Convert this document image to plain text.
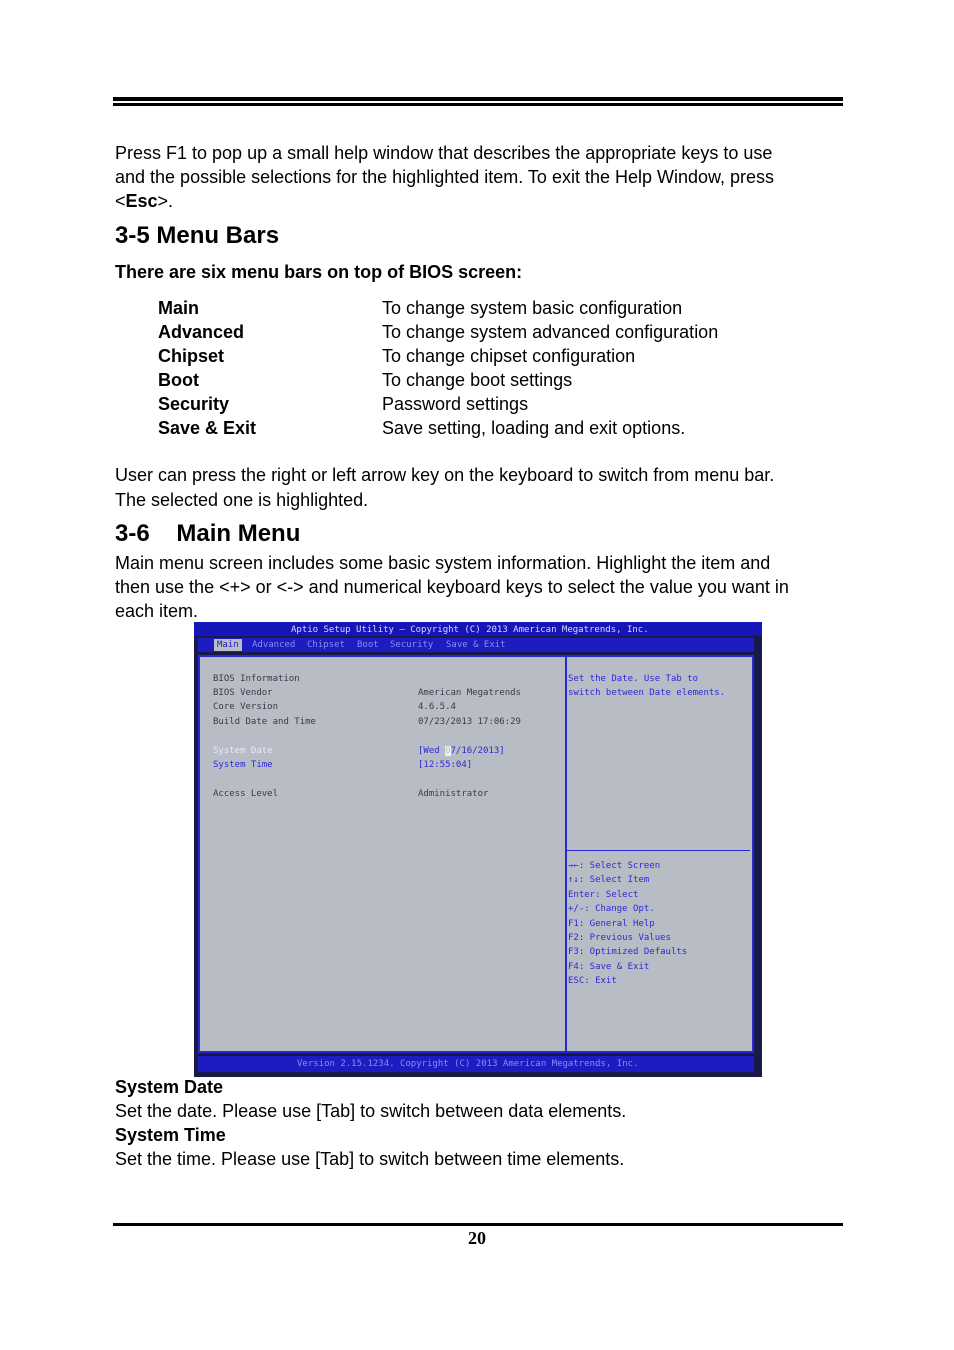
Press F1 to pop up a small help window that describes the appropriate keys to use
and the possible selections for the highlighted item. To exit the Help Window, press
<Esc>.
3-5 Menu Bars
There are six menu bars on top of BIOS screen:
Main	To change system basic configuration
Advanced	To change system advanced configuration
Chipset	To change chipset configuration
Boot	To change boot settings
Security	Password settings
Save & Exit	Save setting, loading and exit options.
User can press the right or left arrow key on the keyboard to switch from menu bar.
The selected one is highlighted.
3-6    Main Menu
Main menu screen includes some basic system information. Highlight the item and
then use the <+> or <-> and numerical keyboard keys to select the value you want in
each item.
Aptio Setup Utility – Copyright (C) 2013 American Megatrends, Inc.
Main	Advanced Chipset Boot Security Save & Exit
BIOS Information
BIOS Vendor	American Megatrends
Core Version	4.6.5.4
Build Date and Time	07/23/2013 17:06:29
System Date	[Wed 07/16/2013]
System Time	[12:55:04]
Access Level	Administrator
Set the Date. Use Tab to
switch between Date elements.
→←: Select Screen
↑↓: Select Item
Enter: Select
+/-: Change Opt.
F1: General Help
F2: Previous Values
F3: Optimized Defaults
F4: Save & Exit
ESC: Exit
Version 2.15.1234. Copyright (C) 2013 American Megatrends, Inc.
System Date
Set the date. Please use [Tab] to switch between data elements.
System Time
Set the time. Please use [Tab] to switch between time elements.
20
